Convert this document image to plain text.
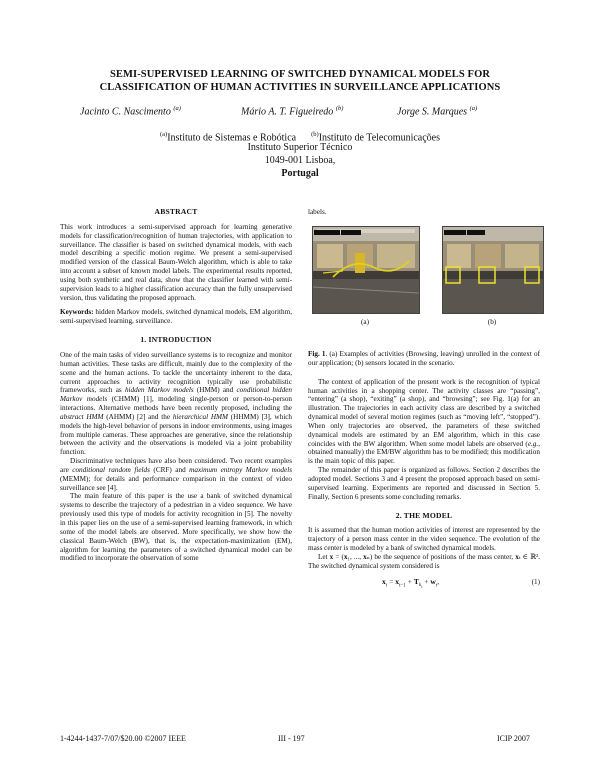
SEMI-SUPERVISED LEARNING OF SWITCHED DYNAMICAL MODELS FOR
CLASSIFICATION OF HUMAN ACTIVITIES IN SURVEILLANCE APPLICATIONS
Jacinto C. Nascimento $^{(a)}$	Mário A. T. Figueiredo $^{(b)}$	Jorge S. Marques $^{(a)}$
$^{(a)}$Instituto de Sistemas e Robótica $^{(b)}$Instituto de Telecomunicações
Instituto Superior Técnico
1049-001 Lisboa,
Portugal
ABSTRACT

This work introduces a semi-supervised approach for learning generative models for classification/recognition of human trajectories, with application to surveillance. The classifier is based on switched dynamical models, with each model describing a specific motion regime. We present a semi-supervised modified version of the classical Baum-Welch algorithm, which is able to take into account a subset of known model labels. The experimental results reported, using both synthetic and real data, show that the classifier learned with semi-supervision leads to a higher classification accuracy than the fully unsupervised version, thus validating the proposed approach.

Keywords: hidden Markov models, switched dynamical models, EM algorithm, semi-supervised learning, surveillance.

1. INTRODUCTION

One of the main tasks of video surveillance systems is to recognize and monitor human activities. These tasks are difficult, mainly due to the complexity of the scene and the human actions. To tackle the uncertainty inherent to the data, current approaches to activity recognition typically use probabilistic frameworks, such as hidden Markov models (HMM) and conditional hidden Markov models (CHMM) [1], modeling single-person or person-to-person interactions. Alternative methods have been recently proposed, including the abstract HMM (AHMM) [2] and the hierarchical HMM (HHMM) [3], which models the high-level behavior of persons in indoor environments, using images from multiple cameras. These approaches are generative, since the relationship between the activity and the observations is modeled via a joint probability function.

Discriminative techniques have also been considered. Two recent examples are conditional random fields (CRF) and maximum entropy Markov models (MEMM); for details and performance comparison in the context of video surveillance see [4].

The main feature of this paper is the use a bank of switched dynamical systems to describe the trajectory of a pedestrian in a video sequence. We have previously used this type of models for activity recognition in [5]. The novelty in this paper lies on the use of a semi-supervised learning framework, in which some of the model labels are observed. More specifically, we show how the classical Baum-Welch (BW), that is, the expectation-maximization (EM), algorithm for learning the parameters of a switched dynamical model can be modified to incorporate the observation of some

labels.
(a)	(b)

Fig. 1. (a) Examples of activities (Browsing, leaving) unrolled in the context of our application; (b) sensors located in the scenario.

The context of application of the present work is the recognition of typical human activities in a shopping center. The activity classes are “passing”, “entering” (a shop), “exiting” (a shop), and “browsing”; see Fig. 1(a) for an illustration. The trajectories in each activity class are described by a switched dynamical model of several motion regimes (such as “moving left”, “stopped”). When only trajectories are observed, the parameters of these switched dynamical models are estimated by an EM algorithm, which in this case coincides with the BW algorithm. When some model labels are observed (e.g., obtained manually) the EM/BW algorithm has to be modified; this modification is the main topic of this paper.

The remainder of this paper is organized as follows. Section 2 describes the adopted model. Sections 3 and 4 present the proposed approach based on semi-supervised learning. Experiments are reported and discussed in Section 5. Finally, Section 6 presents some concluding remarks.

2. THE MODEL

It is assumed that the human motion activities of interest are represented by the trajectory of a person mass center in the video sequence. The evolution of the mass center is modeled by a bank of switched dynamical models.

Let x = (x₁, ..., xₙ) be the sequence of positions of the mass center, xₜ ∈ ℝ². The switched dynamical system considered is

$x_t = x_{t-1} + T_{k_t} + w_t$,	(1)
1-4244-1437-7/07/$20.00 ©2007 IEEE	III - 197	ICIP 2007
